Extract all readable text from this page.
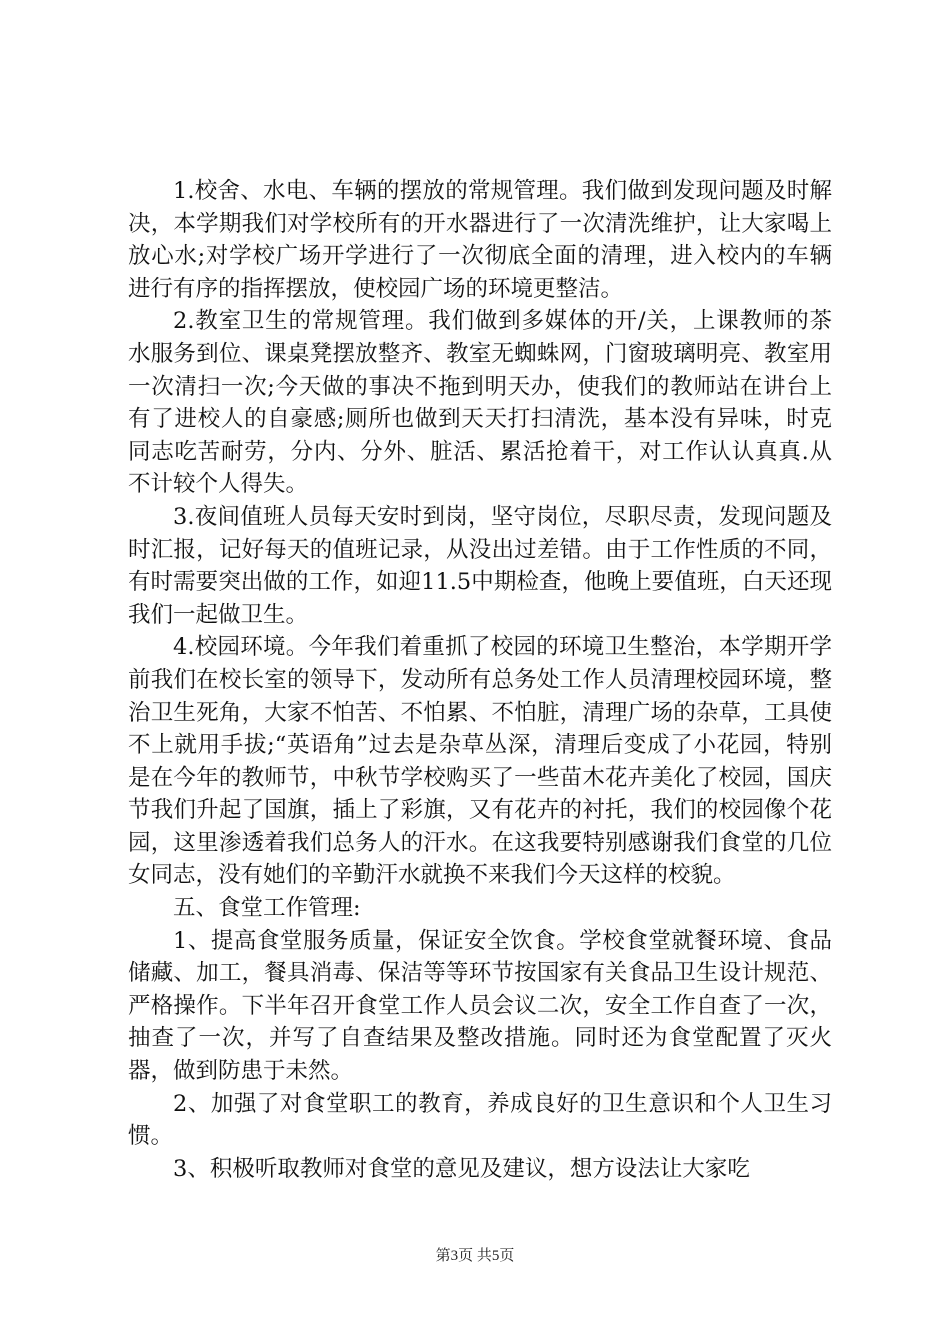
1.校舍、水电、车辆的摆放的常规管理。我们做到发现问题及时解决，本学期我们对学校所有的开水器进行了一次清洗维护，让大家喝上放心水;对学校广场开学进行了一次彻底全面的清理，进入校内的车辆进行有序的指挥摆放，使校园广场的环境更整洁。

2.教室卫生的常规管理。我们做到多媒体的开/关，上课教师的茶水服务到位、课桌凳摆放整齐、教室无蜘蛛网，门窗玻璃明亮、教室用一次清扫一次;今天做的事决不拖到明天办，使我们的教师站在讲台上有了进校人的自豪感;厕所也做到天天打扫清洗，基本没有异味，时克同志吃苦耐劳，分内、分外、脏活、累活抢着干，对工作认认真真.从不计较个人得失。

3.夜间值班人员每天安时到岗，坚守岗位，尽职尽责，发现问题及时汇报，记好每天的值班记录，从没出过差错。由于工作性质的不同，有时需要突出做的工作，如迎11.5中期检查，他晚上要值班，白天还现我们一起做卫生。

4.校园环境。今年我们着重抓了校园的环境卫生整治，本学期开学前我们在校长室的领导下，发动所有总务处工作人员清理校园环境，整治卫生死角，大家不怕苦、不怕累、不怕脏，清理广场的杂草，工具使不上就用手拔;“英语角”过去是杂草丛深，清理后变成了小花园，特别是在今年的教师节，中秋节学校购买了一些苗木花卉美化了校园，国庆节我们升起了国旗，插上了彩旗，又有花卉的衬托，我们的校园像个花园，这里渗透着我们总务人的汗水。在这我要特别感谢我们食堂的几位女同志，没有她们的辛勤汗水就换不来我们今天这样的校貌。

五、食堂工作管理:

1、提高食堂服务质量，保证安全饮食。学校食堂就餐环境、食品储藏、加工，餐具消毒、保洁等等环节按国家有关食品卫生设计规范、严格操作。下半年召开食堂工作人员会议二次，安全工作自查了一次，抽查了一次，并写了自查结果及整改措施。同时还为食堂配置了灭火器，做到防患于未然。

2、加强了对食堂职工的教育，养成良好的卫生意识和个人卫生习惯。

3、积极听取教师对食堂的意见及建议，想方设法让大家吃

第3页 共5页
